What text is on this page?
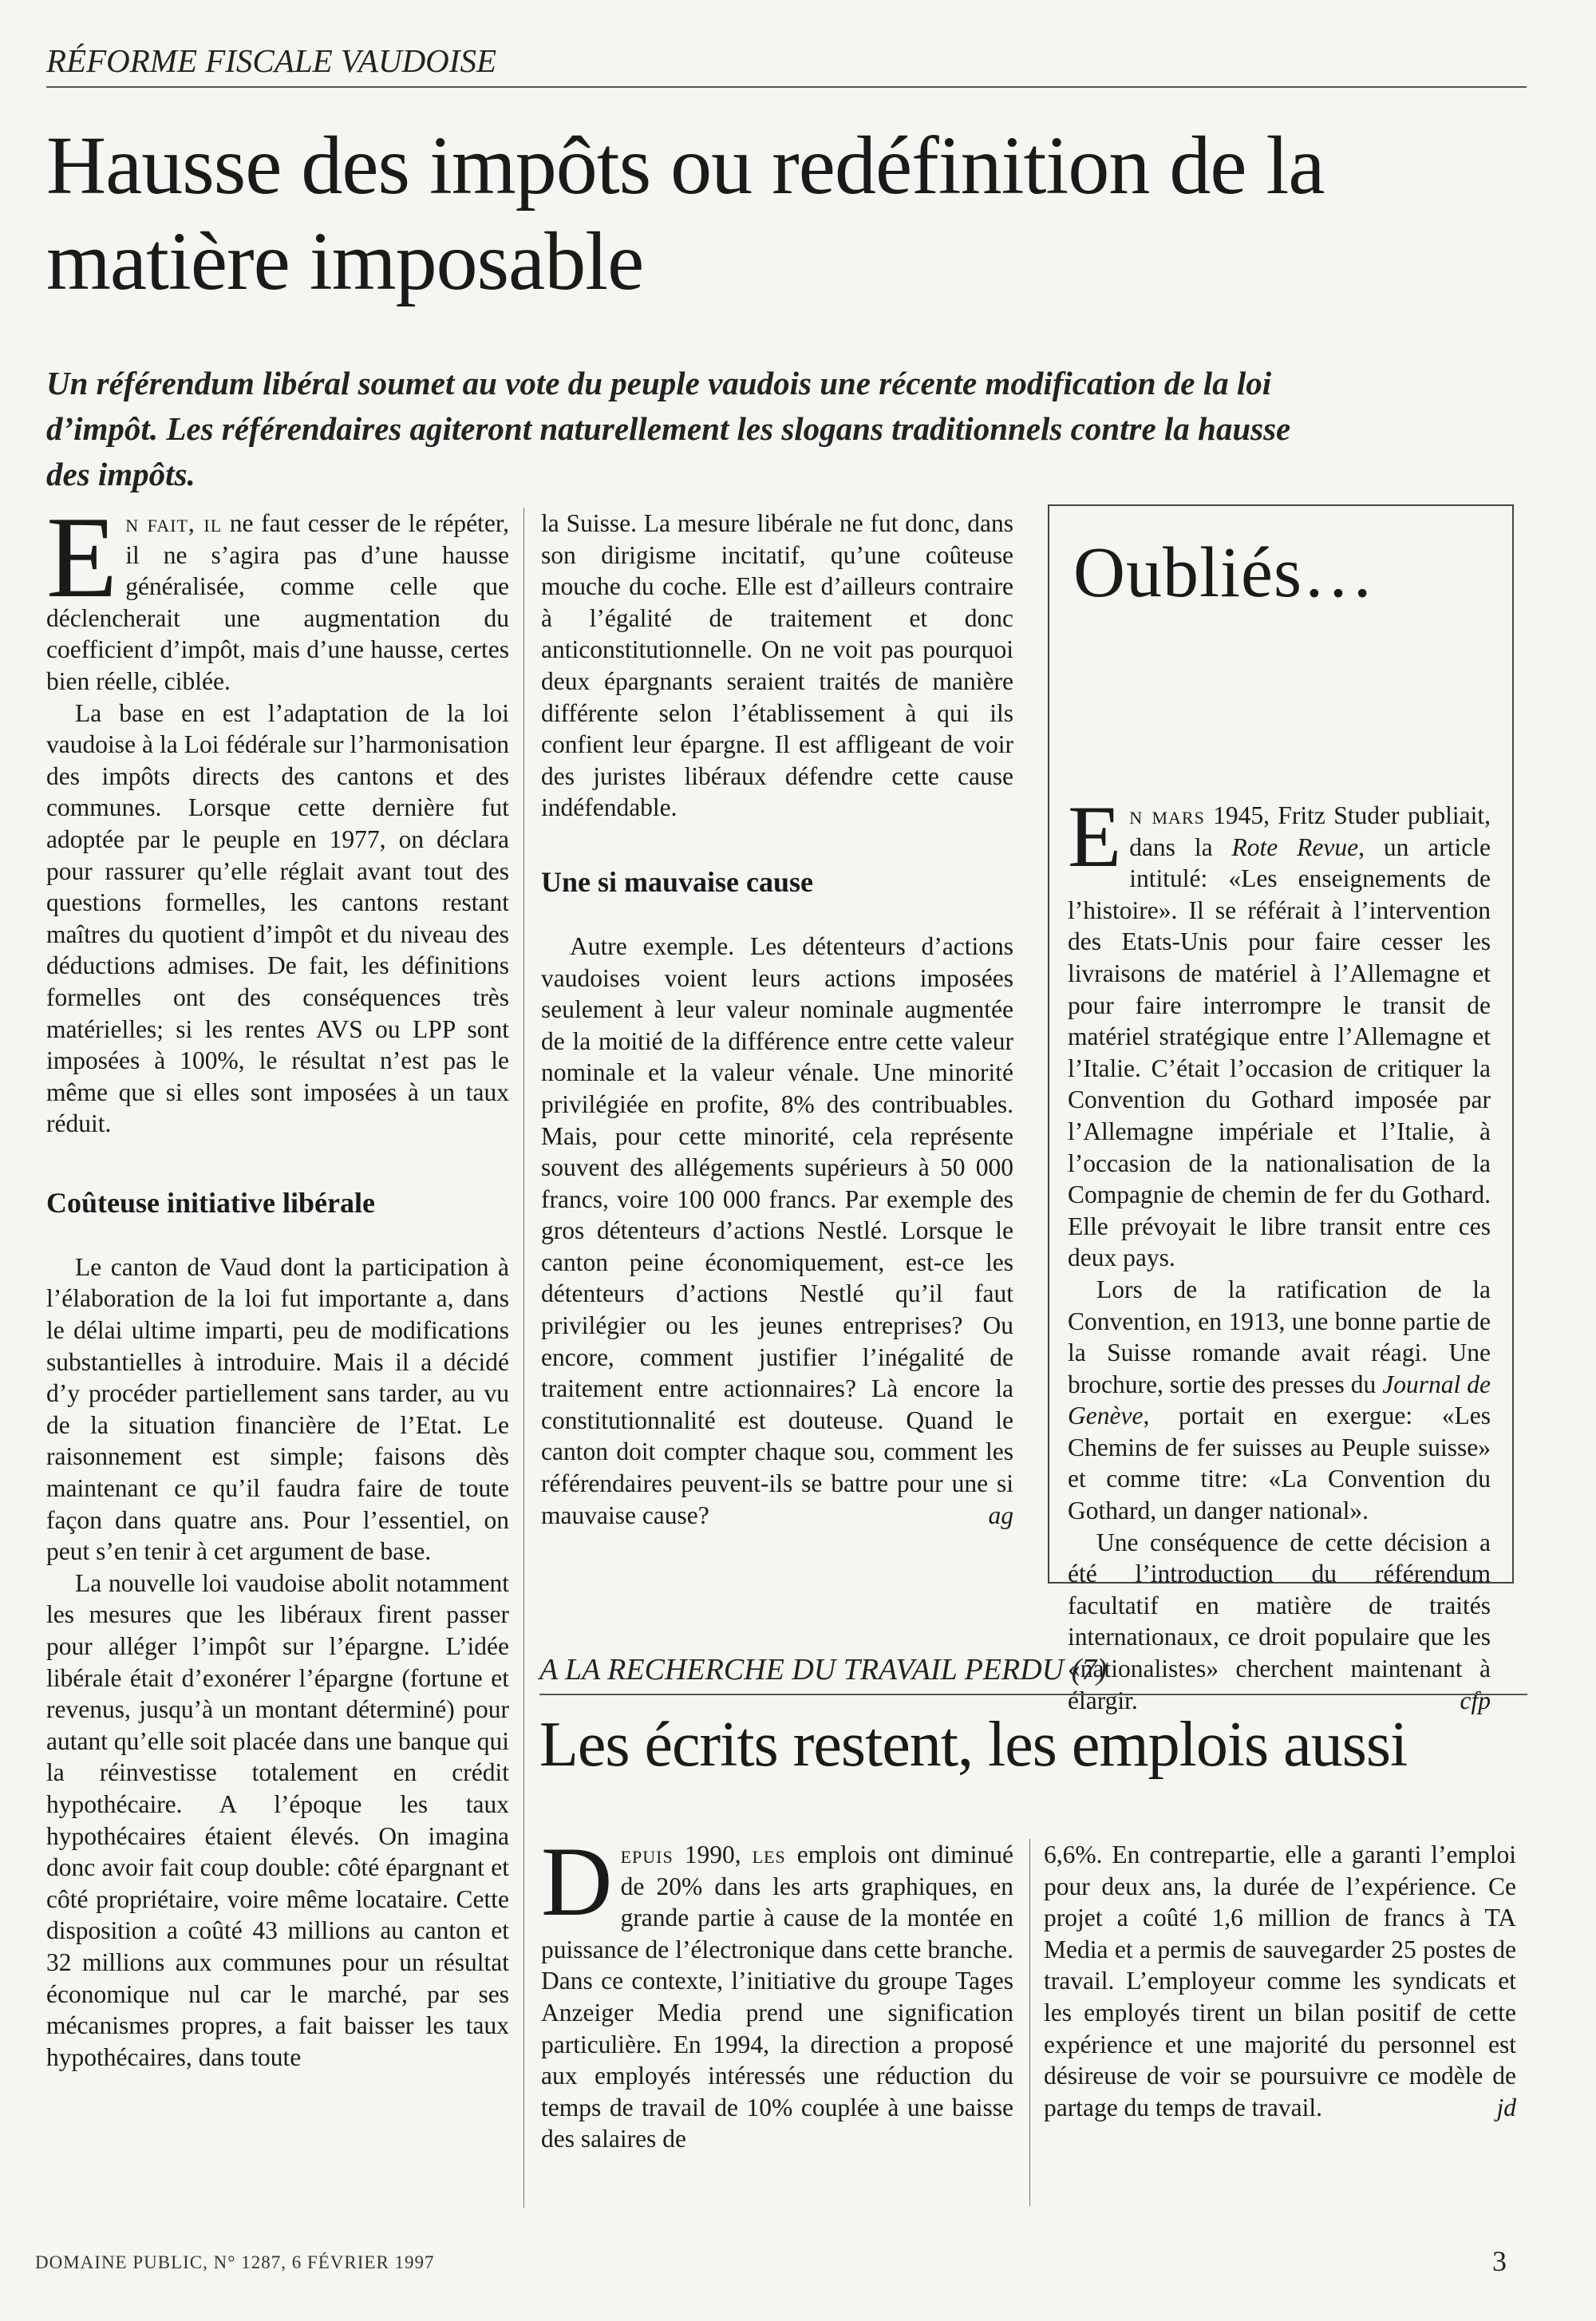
RÉFORME FISCALE VAUDOISE
Hausse des impôts ou redéfinition de la matière imposable

Un référendum libéral soumet au vote du peuple vaudois une récente modification de la loi d’impôt. Les référendaires agiteront naturellement les slogans traditionnels contre la hausse des impôts.

En fait, il ne faut cesser de le répéter, il ne s’agira pas d’une hausse généralisée, comme celle que déclencherait une augmentation du coefficient d’impôt, mais d’une hausse, certes bien réelle, ciblée.

La base en est l’adaptation de la loi vaudoise à la Loi fédérale sur l’harmonisation des impôts directs des cantons et des communes. Lorsque cette dernière fut adoptée par le peuple en 1977, on déclara pour rassurer qu’elle réglait avant tout des questions formelles, les cantons restant maîtres du quotient d’impôt et du niveau des déductions admises. De fait, les définitions formelles ont des conséquences très matérielles; si les rentes AVS ou LPP sont imposées à 100%, le résultat n’est pas le même que si elles sont imposées à un taux réduit.

Coûteuse initiative libérale

Le canton de Vaud dont la participation à l’élaboration de la loi fut importante a, dans le délai ultime imparti, peu de modifications substantielles à introduire. Mais il a décidé d’y procéder partiellement sans tarder, au vu de la situation financière de l’Etat. Le raisonnement est simple; faisons dès maintenant ce qu’il faudra faire de toute façon dans quatre ans. Pour l’essentiel, on peut s’en tenir à cet argument de base.

La nouvelle loi vaudoise abolit notamment les mesures que les libéraux firent passer pour alléger l’impôt sur l’épargne. L’idée libérale était d’exonérer l’épargne (fortune et revenus, jusqu’à un montant déterminé) pour autant qu’elle soit placée dans une banque qui la réinvestisse totalement en crédit hypothécaire. A l’époque les taux hypothécaires étaient élevés. On imagina donc avoir fait coup double: côté épargnant et côté propriétaire, voire même locataire. Cette disposition a coûté 43 millions au canton et 32 millions aux communes pour un résultat économique nul car le marché, par ses mécanismes propres, a fait baisser les taux hypothécaires, dans toute

la Suisse. La mesure libérale ne fut donc, dans son dirigisme incitatif, qu’une coûteuse mouche du coche. Elle est d’ailleurs contraire à l’égalité de traitement et donc anticonstitutionnelle. On ne voit pas pourquoi deux épargnants seraient traités de manière différente selon l’établissement à qui ils confient leur épargne. Il est affligeant de voir des juristes libéraux défendre cette cause indéfendable.

Une si mauvaise cause

Autre exemple. Les détenteurs d’actions vaudoises voient leurs actions imposées seulement à leur valeur nominale augmentée de la moitié de la différence entre cette valeur nominale et la valeur vénale. Une minorité privilégiée en profite, 8% des contribuables. Mais, pour cette minorité, cela représente souvent des allégements supérieurs à 50 000 francs, voire 100 000 francs. Par exemple des gros détenteurs d’actions Nestlé. Lorsque le canton peine économiquement, est-ce les détenteurs d’actions Nestlé qu’il faut privilégier ou les jeunes entreprises? Ou encore, comment justifier l’inégalité de traitement entre actionnaires? Là encore la constitutionnalité est douteuse. Quand le canton doit compter chaque sou, comment les référendaires peuvent-ils se battre pour une si mauvaise cause?	ag

Oubliés…

En mars 1945, Fritz Studer publiait, dans la Rote Revue, un article intitulé: «Les enseignements de l’histoire». Il se référait à l’intervention des Etats-Unis pour faire cesser les livraisons de matériel à l’Allemagne et pour faire interrompre le transit de matériel stratégique entre l’Allemagne et l’Italie. C’était l’occasion de critiquer la Convention du Gothard imposée par l’Allemagne impériale et l’Italie, à l’occasion de la nationalisation de la Compagnie de chemin de fer du Gothard. Elle prévoyait le libre transit entre ces deux pays.

Lors de la ratification de la Convention, en 1913, une bonne partie de la Suisse romande avait réagi. Une brochure, sortie des presses du Journal de Genève, portait en exergue: «Les Chemins de fer suisses au Peuple suisse» et comme titre: «La Convention du Gothard, un danger national».

Une conséquence de cette décision a été l’introduction du référendum facultatif en matière de traités internationaux, ce droit populaire que les «nationalistes» cherchent maintenant à élargir.	cfp

A LA RECHERCHE DU TRAVAIL PERDU (7)
Les écrits restent, les emplois aussi

Depuis 1990, les emplois ont diminué de 20% dans les arts graphiques, en grande partie à cause de la montée en puissance de l’électronique dans cette branche. Dans ce contexte, l’initiative du groupe Tages Anzeiger Media prend une signification particulière. En 1994, la direction a proposé aux employés intéressés une réduction du temps de travail de 10% couplée à une baisse des salaires de

6,6%. En contrepartie, elle a garanti l’emploi pour deux ans, la durée de l’expérience. Ce projet a coûté 1,6 million de francs à TA Media et a permis de sauvegarder 25 postes de travail. L’employeur comme les syndicats et les employés tirent un bilan positif de cette expérience et une majorité du personnel est désireuse de voir se poursuivre ce modèle de partage du temps de travail.	jd

DOMAINE PUBLIC, N° 1287, 6 FÉVRIER 1997	3
